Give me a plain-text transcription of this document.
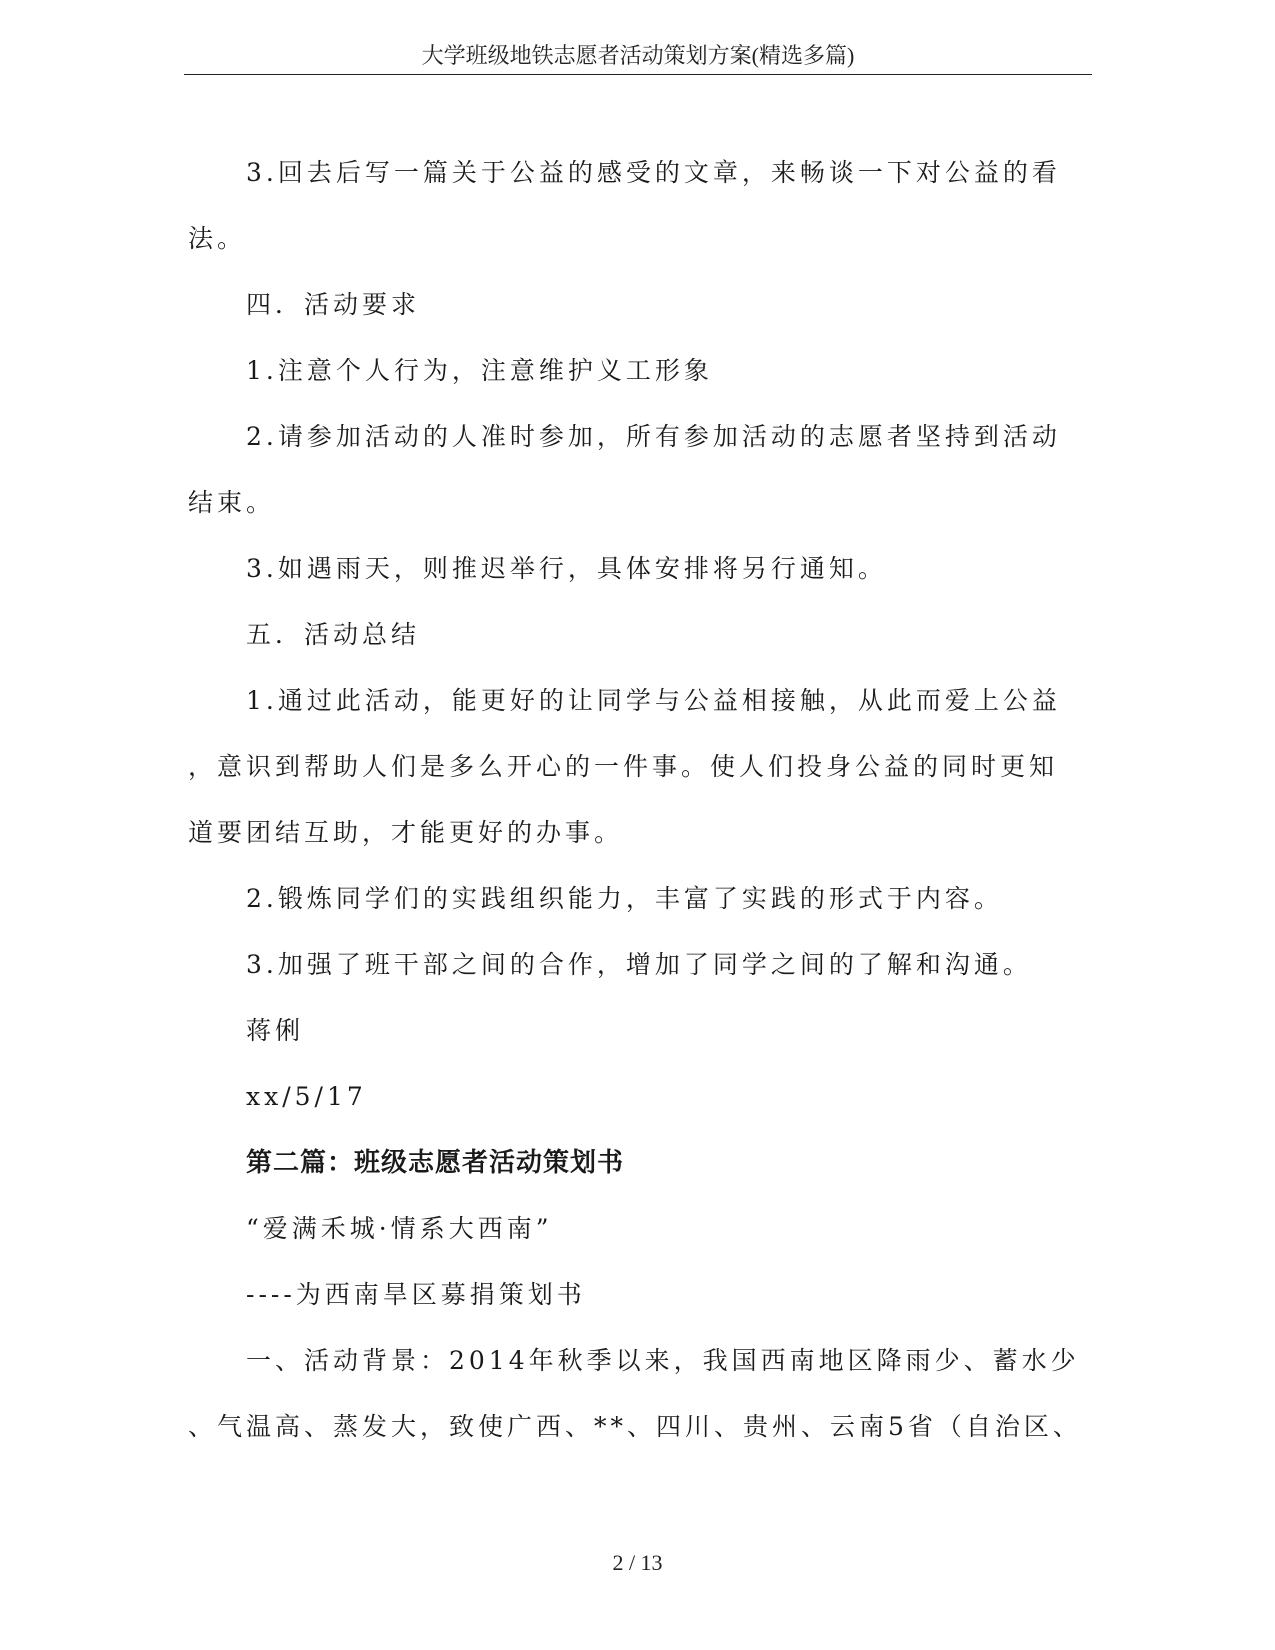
大学班级地铁志愿者活动策划方案(精选多篇)
3.回去后写一篇关于公益的感受的文章，来畅谈一下对公益的看
法。
四．活动要求
1.注意个人行为，注意维护义工形象
2.请参加活动的人准时参加，所有参加活动的志愿者坚持到活动
结束。
3.如遇雨天，则推迟举行，具体安排将另行通知。
五．活动总结
1.通过此活动，能更好的让同学与公益相接触，从此而爱上公益
，意识到帮助人们是多么开心的一件事。使人们投身公益的同时更知
道要团结互助，才能更好的办事。
2.锻炼同学们的实践组织能力，丰富了实践的形式于内容。
3.加强了班干部之间的合作，增加了同学之间的了解和沟通。
蒋俐
xx/5/17
第二篇：班级志愿者活动策划书
“爱满禾城·情系大西南”
----为西南旱区募捐策划书
一、活动背景：2014年秋季以来，我国西南地区降雨少、蓄水少
、气温高、蒸发大，致使广西、**、四川、贵州、云南5省（自治区、
2 / 13
